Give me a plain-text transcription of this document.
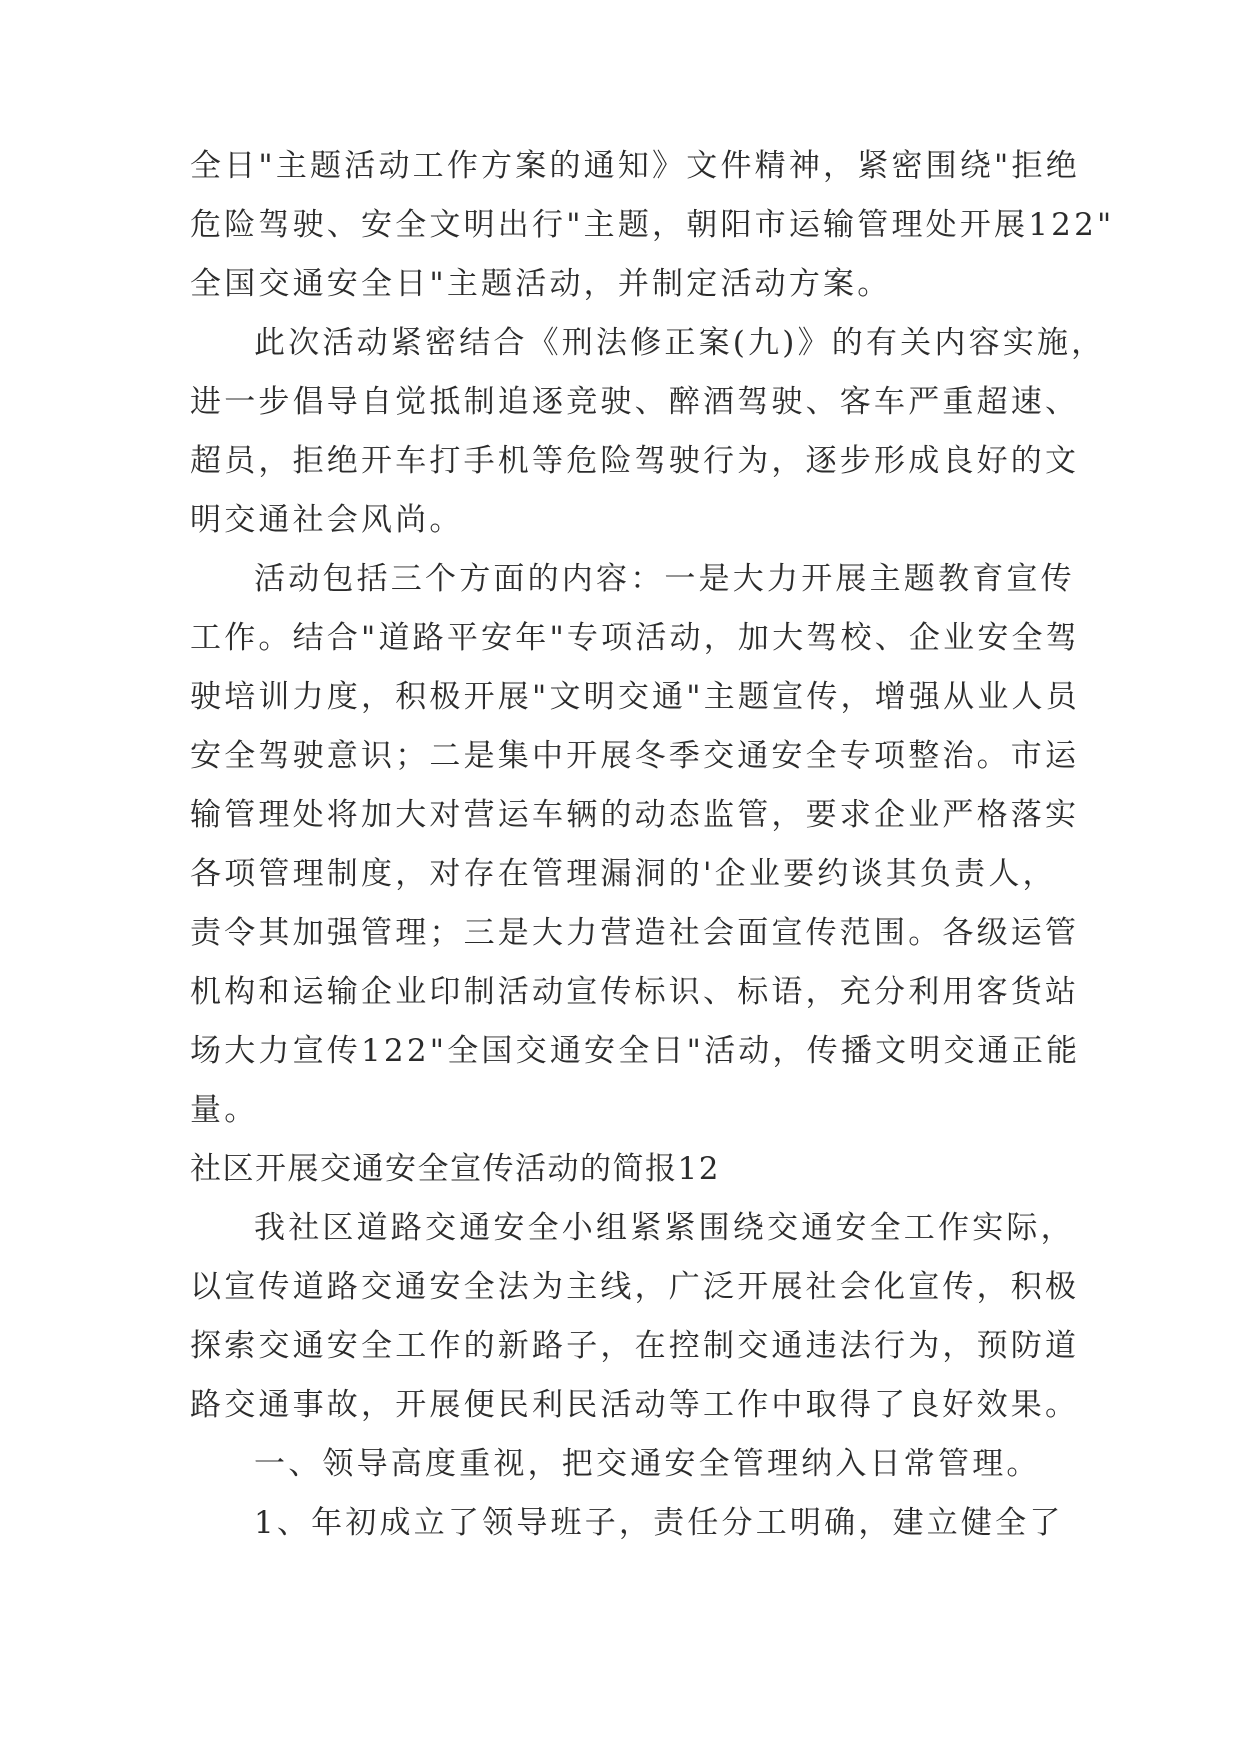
全日"主题活动工作方案的通知》文件精神，紧密围绕"拒绝
危险驾驶、安全文明出行"主题，朝阳市运输管理处开展122"
全国交通安全日"主题活动，并制定活动方案。
此次活动紧密结合《刑法修正案(九)》的有关内容实施，
进一步倡导自觉抵制追逐竞驶、醉酒驾驶、客车严重超速、
超员，拒绝开车打手机等危险驾驶行为，逐步形成良好的文
明交通社会风尚。
活动包括三个方面的内容：一是大力开展主题教育宣传
工作。结合"道路平安年"专项活动，加大驾校、企业安全驾
驶培训力度，积极开展"文明交通"主题宣传，增强从业人员
安全驾驶意识；二是集中开展冬季交通安全专项整治。市运
输管理处将加大对营运车辆的动态监管，要求企业严格落实
各项管理制度，对存在管理漏洞的'企业要约谈其负责人，
责令其加强管理；三是大力营造社会面宣传范围。各级运管
机构和运输企业印制活动宣传标识、标语，充分利用客货站
场大力宣传122"全国交通安全日"活动，传播文明交通正能
量。
社区开展交通安全宣传活动的简报12
我社区道路交通安全小组紧紧围绕交通安全工作实际，
以宣传道路交通安全法为主线，广泛开展社会化宣传，积极
探索交通安全工作的新路子，在控制交通违法行为，预防道
路交通事故，开展便民利民活动等工作中取得了良好效果。
一、领导高度重视，把交通安全管理纳入日常管理。
1、年初成立了领导班子，责任分工明确，建立健全了
